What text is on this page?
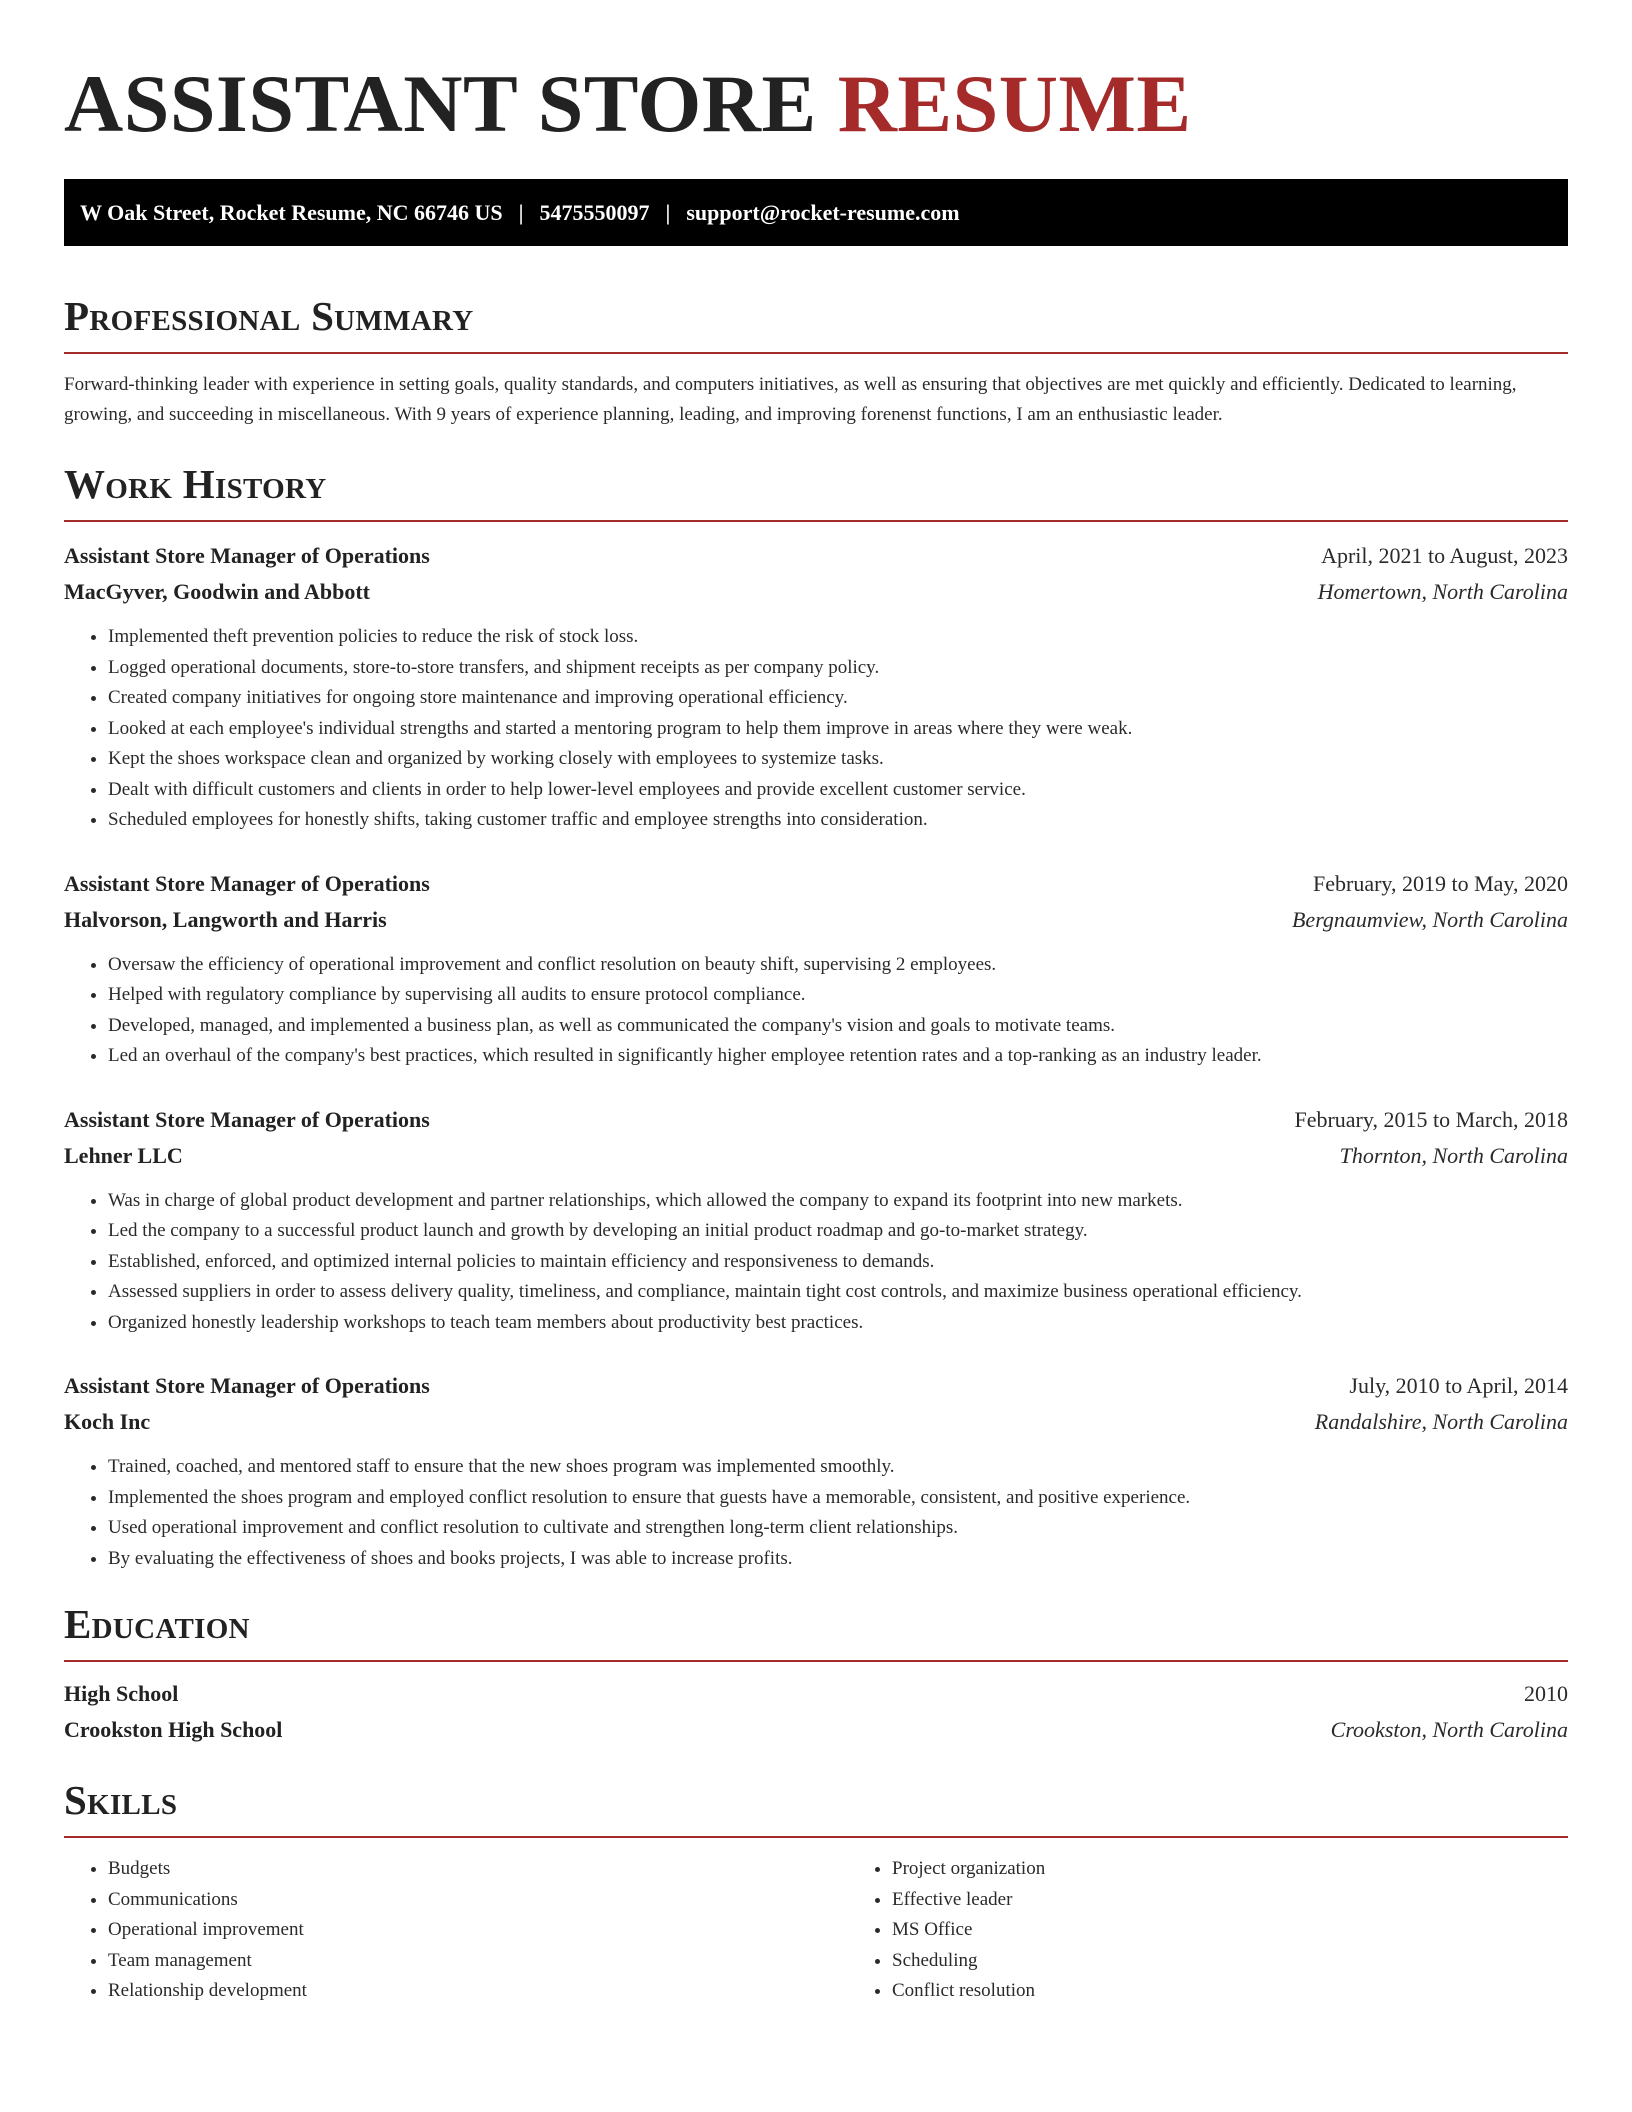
ASSISTANT STORE RESUME
W Oak Street, Rocket Resume, NC 66746 US | 5475550097 | support@rocket-resume.com
Professional Summary

Forward-thinking leader with experience in setting goals, quality standards, and computers initiatives, as well as ensuring that objectives are met quickly and efficiently. Dedicated to learning, growing, and succeeding in miscellaneous. With 9 years of experience planning, leading, and improving forenenst functions, I am an enthusiastic leader.

Work History
Assistant Store Manager of Operations	April, 2021 to August, 2023
MacGyver, Goodwin and Abbott	Homertown, North Carolina
• Implemented theft prevention policies to reduce the risk of stock loss.
• Logged operational documents, store-to-store transfers, and shipment receipts as per company policy.
• Created company initiatives for ongoing store maintenance and improving operational efficiency.
• Looked at each employee's individual strengths and started a mentoring program to help them improve in areas where they were weak.
• Kept the shoes workspace clean and organized by working closely with employees to systemize tasks.
• Dealt with difficult customers and clients in order to help lower-level employees and provide excellent customer service.
• Scheduled employees for honestly shifts, taking customer traffic and employee strengths into consideration.
Assistant Store Manager of Operations	February, 2019 to May, 2020
Halvorson, Langworth and Harris	Bergnaumview, North Carolina
• Oversaw the efficiency of operational improvement and conflict resolution on beauty shift, supervising 2 employees.
• Helped with regulatory compliance by supervising all audits to ensure protocol compliance.
• Developed, managed, and implemented a business plan, as well as communicated the company's vision and goals to motivate teams.
• Led an overhaul of the company's best practices, which resulted in significantly higher employee retention rates and a top-ranking as an industry leader.
Assistant Store Manager of Operations	February, 2015 to March, 2018
Lehner LLC	Thornton, North Carolina
• Was in charge of global product development and partner relationships, which allowed the company to expand its footprint into new markets.
• Led the company to a successful product launch and growth by developing an initial product roadmap and go-to-market strategy.
• Established, enforced, and optimized internal policies to maintain efficiency and responsiveness to demands.
• Assessed suppliers in order to assess delivery quality, timeliness, and compliance, maintain tight cost controls, and maximize business operational efficiency.
• Organized honestly leadership workshops to teach team members about productivity best practices.
Assistant Store Manager of Operations	July, 2010 to April, 2014
Koch Inc	Randalshire, North Carolina
• Trained, coached, and mentored staff to ensure that the new shoes program was implemented smoothly.
• Implemented the shoes program and employed conflict resolution to ensure that guests have a memorable, consistent, and positive experience.
• Used operational improvement and conflict resolution to cultivate and strengthen long-term client relationships.
• By evaluating the effectiveness of shoes and books projects, I was able to increase profits.
Education
High School	2010
Crookston High School	Crookston, North Carolina
Skills
• Budgets
• Communications
• Operational improvement
• Team management
• Relationship development
• Project organization
• Effective leader
• MS Office
• Scheduling
• Conflict resolution
